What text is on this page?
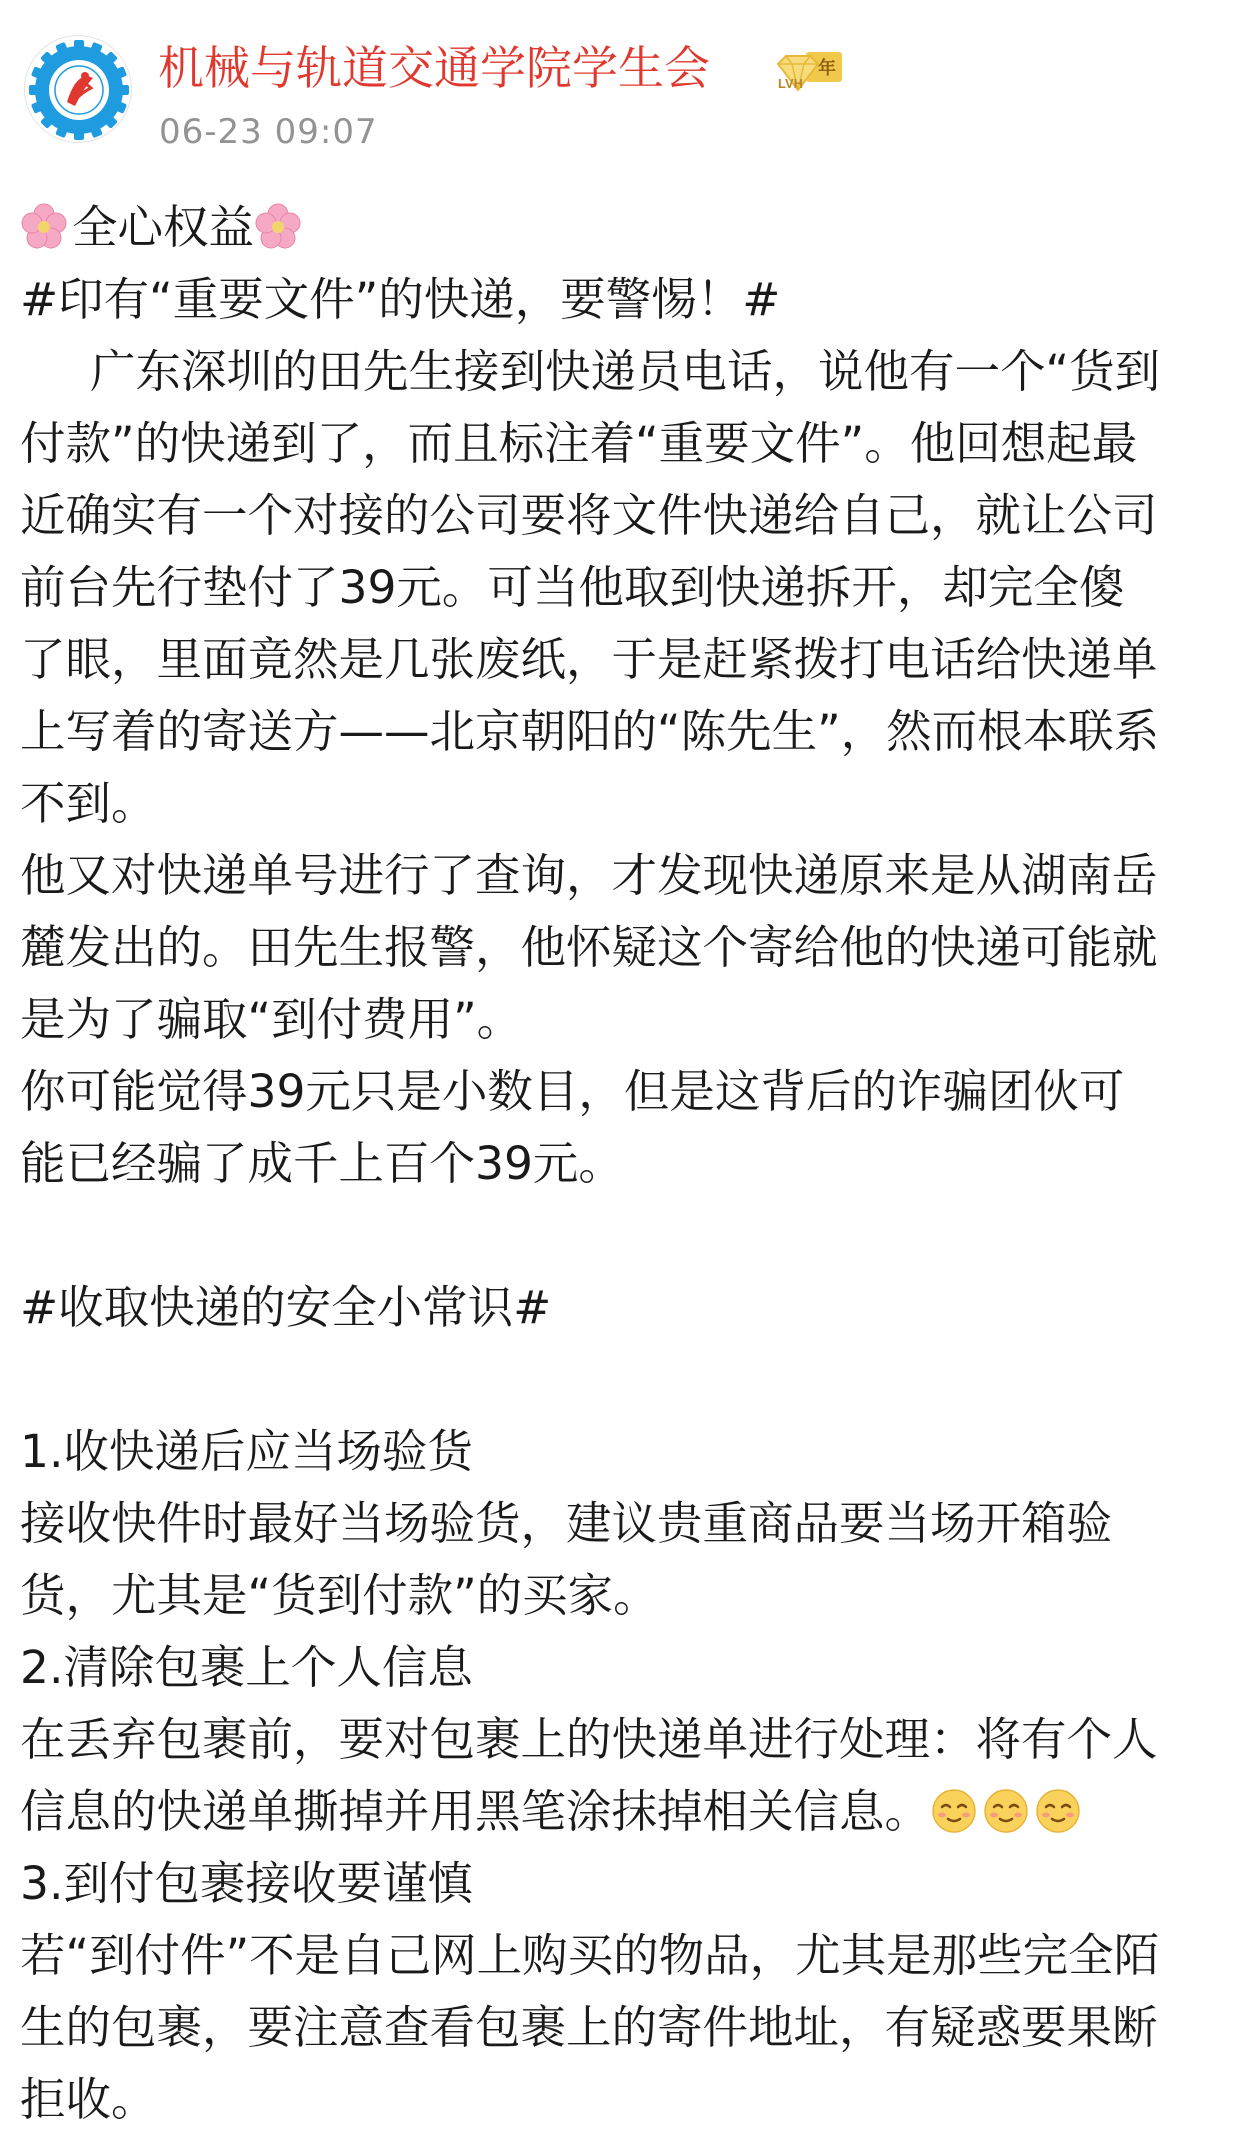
机械与轨道交通学院学生会	LVH
年
06-23 09:07
全心权益
#印有“重要文件”的快递，要警惕！#
广东深圳的田先生接到快递员电话，说他有一个“货到
付款”的快递到了，而且标注着“重要文件”。他回想起最
近确实有一个对接的公司要将文件快递给自己，就让公司
前台先行垫付了39元。可当他取到快递拆开，却完全傻
了眼，里面竟然是几张废纸，于是赶紧拨打电话给快递单
上写着的寄送方——北京朝阳的“陈先生”，然而根本联系
不到。
他又对快递单号进行了查询，才发现快递原来是从湖南岳
麓发出的。田先生报警，他怀疑这个寄给他的快递可能就
是为了骗取“到付费用”。
你可能觉得39元只是小数目，但是这背后的诈骗团伙可
能已经骗了成千上百个39元。
#收取快递的安全小常识#
1.收快递后应当场验货
接收快件时最好当场验货，建议贵重商品要当场开箱验
货，尤其是“货到付款”的买家。
2.清除包裹上个人信息
在丢弃包裹前，要对包裹上的快递单进行处理：将有个人
信息的快递单撕掉并用黑笔涂抹掉相关信息。
3.到付包裹接收要谨慎
若“到付件”不是自己网上购买的物品，尤其是那些完全陌
生的包裹，要注意查看包裹上的寄件地址，有疑惑要果断
拒收。
